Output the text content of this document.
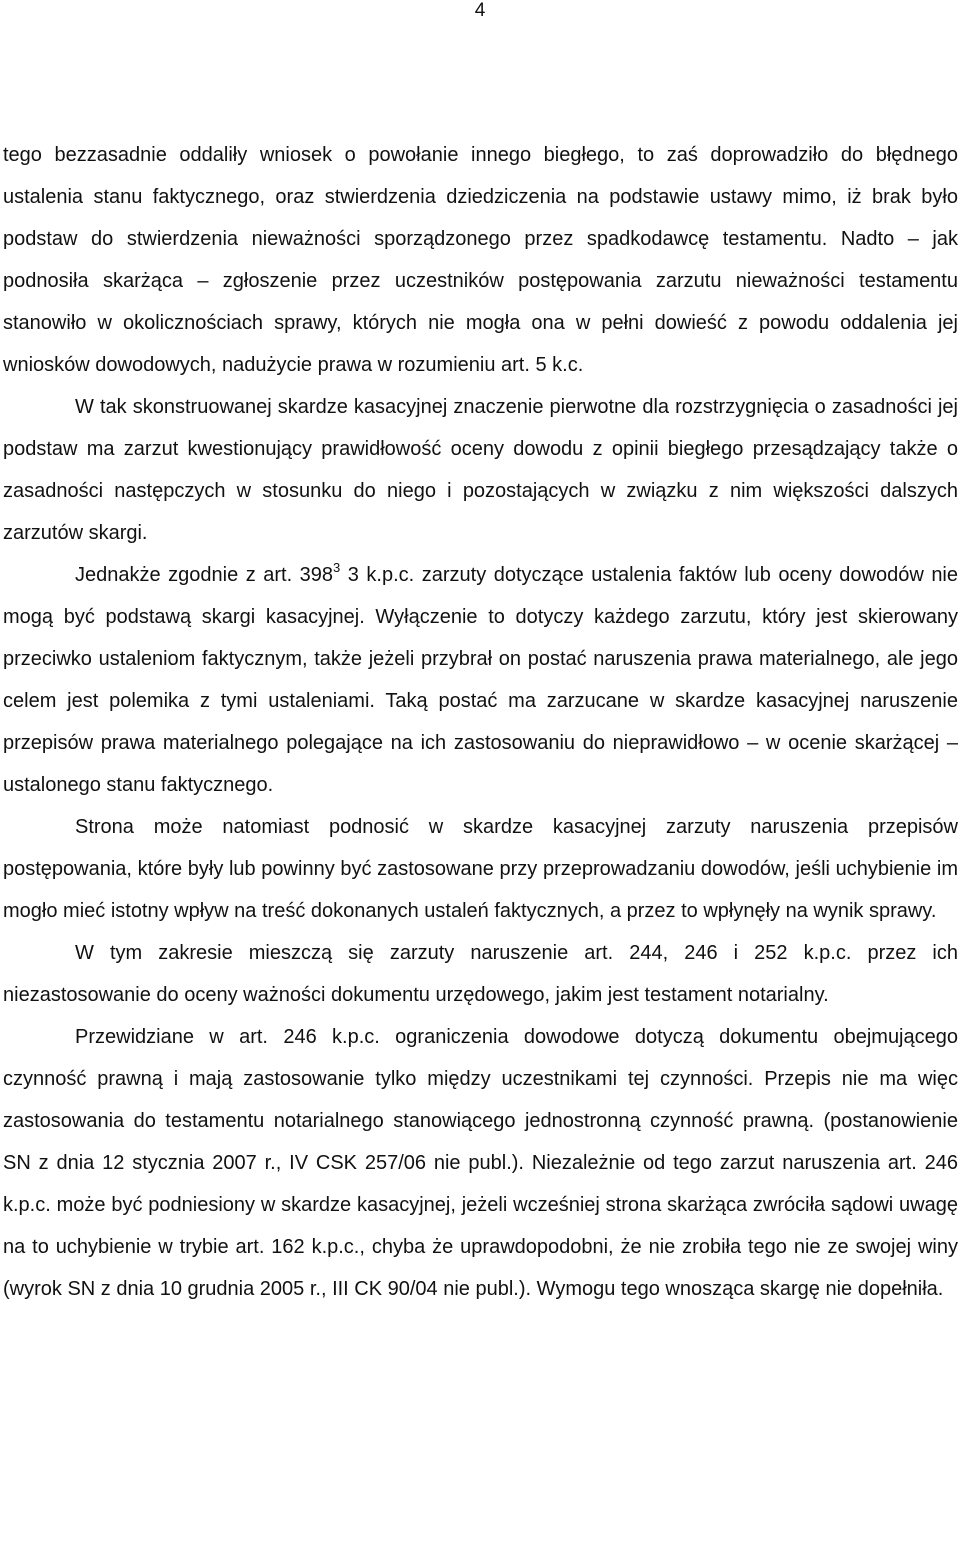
4

tego bezzasadnie oddaliły wniosek o powołanie innego biegłego, to zaś doprowadziło do błędnego ustalenia stanu faktycznego, oraz stwierdzenia dziedziczenia na podstawie ustawy mimo, iż brak było podstaw do stwierdzenia nieważności sporządzonego przez spadkodawcę testamentu. Nadto – jak podnosiła skarżąca – zgłoszenie przez uczestników postępowania zarzutu nieważności testamentu stanowiło w okolicznościach sprawy, których nie mogła ona w pełni dowieść z powodu oddalenia jej wniosków dowodowych, nadużycie prawa w rozumieniu art. 5 k.c.

W tak skonstruowanej skardze kasacyjnej znaczenie pierwotne dla rozstrzygnięcia o zasadności jej podstaw ma zarzut kwestionujący prawidłowość oceny dowodu z opinii biegłego przesądzający także o zasadności następczych w stosunku do niego i pozostających w związku z nim większości dalszych zarzutów skargi.

Jednakże zgodnie z art. $398^3$ 3 k.p.c. zarzuty dotyczące ustalenia faktów lub oceny dowodów nie mogą być podstawą skargi kasacyjnej. Wyłączenie to dotyczy każdego zarzutu, który jest skierowany przeciwko ustaleniom faktycznym, także jeżeli przybrał on postać naruszenia prawa materialnego, ale jego celem jest polemika z tymi ustaleniami. Taką postać ma zarzucane w skardze kasacyjnej naruszenie przepisów prawa materialnego polegające na ich zastosowaniu do nieprawidłowo – w ocenie skarżącej – ustalonego stanu faktycznego.

Strona może natomiast podnosić w skardze kasacyjnej zarzuty naruszenia przepisów postępowania, które były lub powinny być zastosowane przy przeprowadzaniu dowodów, jeśli uchybienie im mogło mieć istotny wpływ na treść dokonanych ustaleń faktycznych, a przez to wpłynęły na wynik sprawy.

W tym zakresie mieszczą się zarzuty naruszenie art. 244, 246 i 252 k.p.c. przez ich niezastosowanie do oceny ważności dokumentu urzędowego, jakim jest testament notarialny.

Przewidziane w art. 246 k.p.c. ograniczenia dowodowe dotyczą dokumentu obejmującego czynność prawną i mają zastosowanie tylko między uczestnikami tej czynności. Przepis nie ma więc zastosowania do testamentu notarialnego stanowiącego jednostronną czynność prawną. (postanowienie SN z dnia 12 stycznia 2007 r., IV CSK 257/06 nie publ.). Niezależnie od tego zarzut naruszenia art. 246 k.p.c. może być podniesiony w skardze kasacyjnej, jeżeli wcześniej strona skarżąca zwróciła sądowi uwagę na to uchybienie w trybie art. 162 k.p.c., chyba że uprawdopodobni, że nie zrobiła tego nie ze swojej winy (wyrok SN z dnia 10 grudnia 2005 r., III CK 90/04 nie publ.). Wymogu tego wnosząca skargę nie dopełniła.
